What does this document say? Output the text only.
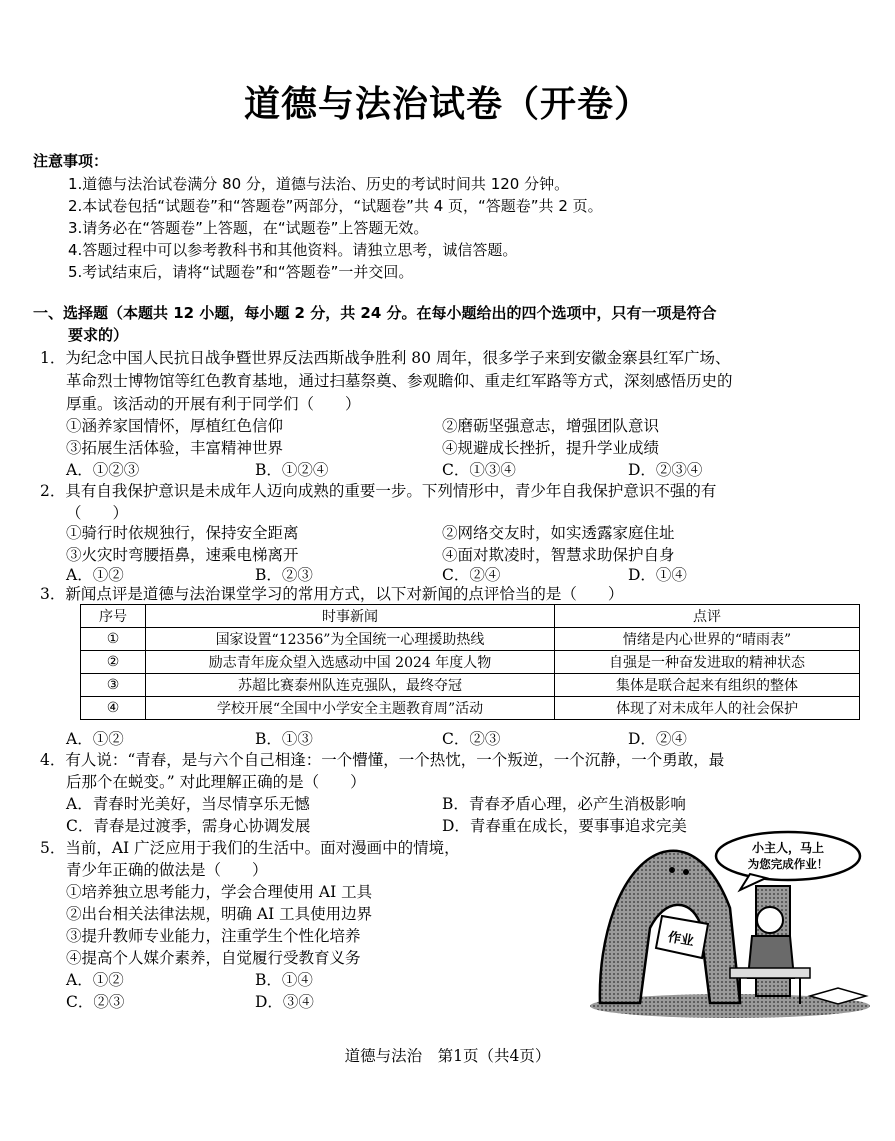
道德与法治试卷（开卷）
注意事项：
1.道德与法治试卷满分 80 分，道德与法治、历史的考试时间共 120 分钟。
2.本试卷包括“试题卷”和“答题卷”两部分，“试题卷”共 4 页，“答题卷”共 2 页。
3.请务必在“答题卷”上答题，在“试题卷”上答题无效。
4.答题过程中可以参考教科书和其他资料。请独立思考，诚信答题。
5.考试结束后，请将“试题卷”和“答题卷”一并交回。
一、选择题（本题共 12 小题，每小题 2 分，共 24 分。在每小题给出的四个选项中，只有一项是符合
要求的）
1．为纪念中国人民抗日战争暨世界反法西斯战争胜利 80 周年，很多学子来到安徽金寨县红军广场、
革命烈士博物馆等红色教育基地，通过扫墓祭奠、参观瞻仰、重走红军路等方式，深刻感悟历史的
厚重。该活动的开展有利于同学们（　　）
①涵养家国情怀，厚植红色信仰	②磨砺坚强意志，增强团队意识
③拓展生活体验，丰富精神世界	④规避成长挫折，提升学业成绩
A．①②③	B．①②④	C．①③④	D．②③④
2．具有自我保护意识是未成年人迈向成熟的重要一步。下列情形中，青少年自我保护意识不强的有
（　　）
①骑行时依规独行，保持安全距离	②网络交友时，如实透露家庭住址
③火灾时弯腰捂鼻，速乘电梯离开	④面对欺凌时，智慧求助保护自身
A．①②	B．②③	C．②④	D．①④
3．新闻点评是道德与法治课堂学习的常用方式，以下对新闻的点评恰当的是（　　）
序号	时事新闻	点评
①	国家设置“12356”为全国统一心理援助热线	情绪是内心世界的“晴雨表”
②	励志青年庞众望入选感动中国 2024 年度人物	自强是一种奋发进取的精神状态
③	苏超比赛泰州队连克强队，最终夺冠	集体是联合起来有组织的整体
④	学校开展“全国中小学安全主题教育周”活动	体现了对未成年人的社会保护
A．①②	B．①③	C．②③	D．②④
4．有人说：“青春，是与六个自己相逢：一个懵懂，一个热忱，一个叛逆，一个沉静，一个勇敢，最
后那个在蜕变。” 对此理解正确的是（　　）
A．青春时光美好，当尽情享乐无憾	B．青春矛盾心理，必产生消极影响
C．青春是过渡季，需身心协调发展	D．青春重在成长，要事事追求完美
5．当前，AI 广泛应用于我们的生活中。面对漫画中的情境，
青少年正确的做法是（　　）
①培养独立思考能力，学会合理使用 AI 工具
②出台相关法律法规，明确 AI 工具使用边界
③提升教师专业能力，注重学生个性化培养
④提高个人媒介素养，自觉履行受教育义务
A．①②	B．①④
C．②③	D．③④
作业
小主人，马上
为您完成作业！
道德与法治　第1页（共4页）
